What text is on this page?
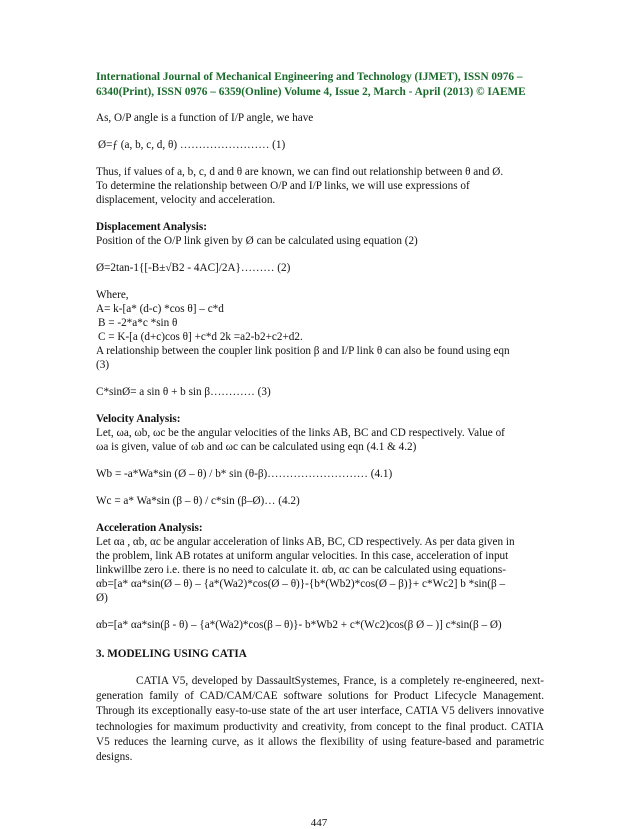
International Journal of Mechanical Engineering and Technology (IJMET), ISSN 0976 –
6340(Print), ISSN 0976 – 6359(Online) Volume 4, Issue 2, March - April (2013) © IAEME

As, O/P angle is a function of I/P angle, we have

Ø=ƒ (a, b, c, d, θ) …………………… (1)

Thus, if values of a, b, c, d and θ are known, we can find out relationship between θ and Ø.

To determine the relationship between O/P and I/P links, we will use expressions of

displacement, velocity and acceleration.

Displacement Analysis:

Position of the O/P link given by Ø can be calculated using equation (2)

Ø=2tan-1{[-B±√B2 - 4AC]/2A}……… (2)

Where,

A= k-[a* (d-c) *cos θ] – c*d

B = -2*a*c *sin θ

C = K-[a (d+c)cos θ] +c*d 2k =a2-b2+c2+d2.

A relationship between the coupler link position β and I/P link θ can also be found using eqn

(3)

C*sinØ= a sin θ + b sin β………… (3)

Velocity Analysis:

Let, ωa, ωb, ωc be the angular velocities of the links AB, BC and CD respectively. Value of

ωa is given, value of ωb and ωc can be calculated using eqn (4.1 & 4.2)

Wb = -a*Wa*sin (Ø – θ) / b* sin (θ-β)……………………… (4.1)

Wc = a* Wa*sin (β – θ) / c*sin (β–Ø)… (4.2)

Acceleration Analysis:

Let αa , αb, αc be angular acceleration of links AB, BC, CD respectively. As per data given in

the problem, link AB rotates at uniform angular velocities. In this case, acceleration of input

linkwillbe zero i.e. there is no need to calculate it. αb, αc can be calculated using equations-

αb=[a* αa*sin(Ø – θ) – {a*(Wa2)*cos(Ø – θ)}-{b*(Wb2)*cos(Ø – β)}+ c*Wc2] b *sin(β –

Ø)

αb=[a* αa*sin(β - θ) – {a*(Wa2)*cos(β – θ)}- b*Wb2 + c*(Wc2)cos(β Ø – )] c*sin(β – Ø)

3. MODELING USING CATIA

CATIA V5, developed by DassaultSystemes, France, is a completely re-engineered, next-generation family of CAD/CAM/CAE software solutions for Product Lifecycle Management. Through its exceptionally easy-to-use state of the art user interface, CATIA V5 delivers innovative technologies for maximum productivity and creativity, from concept to the final product. CATIA V5 reduces the learning curve, as it allows the flexibility of using feature-based and parametric designs.

447
